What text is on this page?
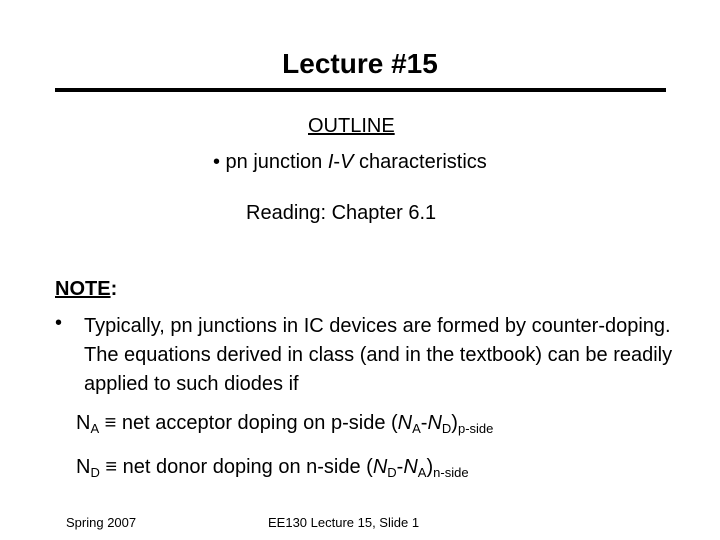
Lecture #15
OUTLINE
• pn junction I-V characteristics
Reading: Chapter 6.1
NOTE:
• Typically, pn junctions in IC devices are formed by counter-doping. The equations derived in class (and in the textbook) can be readily applied to such diodes if
$N_A$ ≡ net acceptor doping on p-side $(N_A-N_D)_{p-side}$
$N_D$ ≡ net donor doping on n-side $(N_D-N_A)_{n-side}$
Spring 2007	EE130 Lecture 15, Slide 1
